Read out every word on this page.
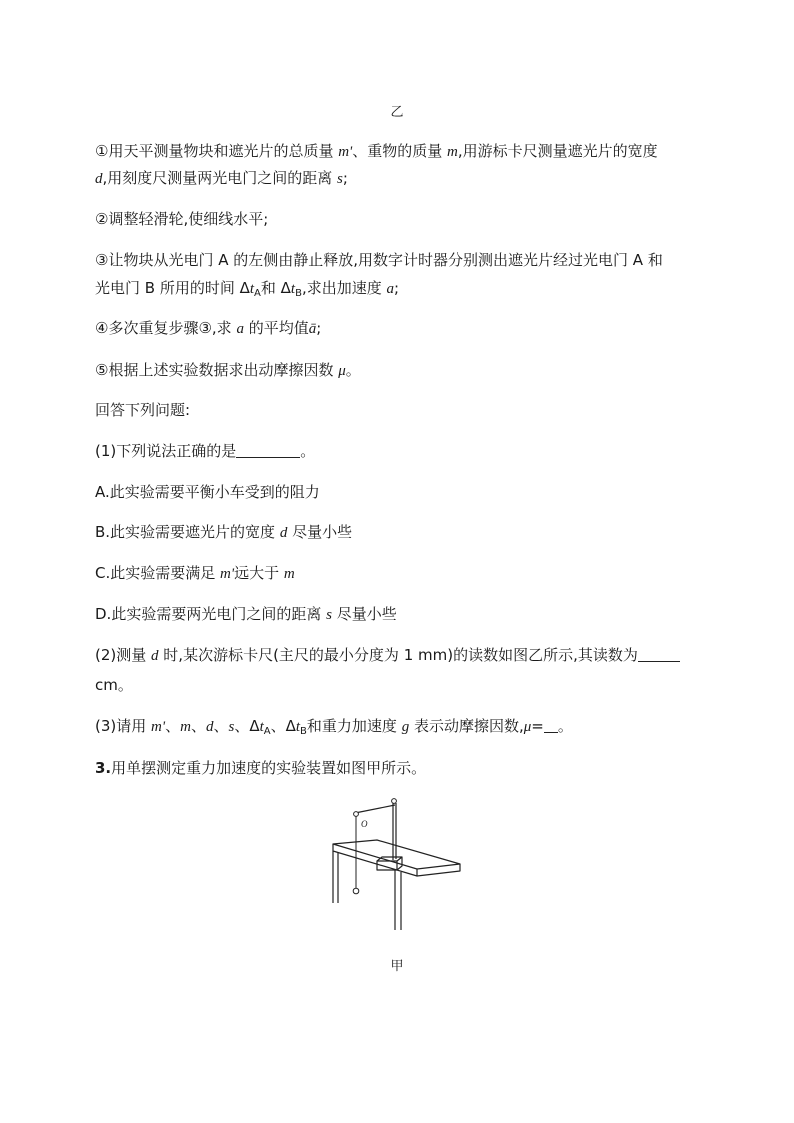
乙
①用天平测量物块和遮光片的总质量 m'、重物的质量 m,用游标卡尺测量遮光片的宽度
d,用刻度尺测量两光电门之间的距离 s;
②调整轻滑轮,使细线水平;
③让物块从光电门 A 的左侧由静止释放,用数字计时器分别测出遮光片经过光电门 A 和
光电门 B 所用的时间 $\Delta t_A$和 $\Delta t_B$,求出加速度 a;
④多次重复步骤③,求 a 的平均值ā;
⑤根据上述实验数据求出动摩擦因数 μ。
回答下列问题:
(1)下列说法正确的是	。
A.此实验需要平衡小车受到的阻力
B.此实验需要遮光片的宽度 d 尽量小些
C.此实验需要满足 m'远大于 m
D.此实验需要两光电门之间的距离 s 尽量小些
(2)测量 d 时,某次游标卡尺(主尺的最小分度为 1 mm)的读数如图乙所示,其读数为
cm。
(3)请用 m'、m、d、s、$\Delta t_A$、$\Delta t_B$和重力加速度 g 表示动摩擦因数,μ= 。
3.用单摆测定重力加速度的实验装置如图甲所示。
O
甲
